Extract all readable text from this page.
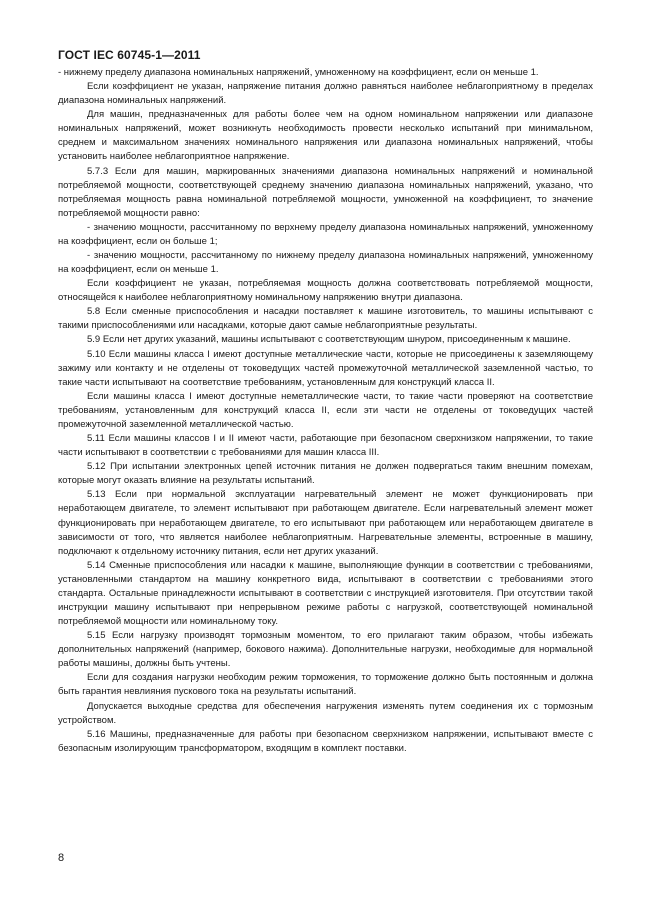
ГОСТ IEC 60745-1—2011

- нижнему пределу диапазона номинальных напряжений, умноженному на коэффициент, если он меньше 1.

Если коэффициент не указан, напряжение питания должно равняться наиболее неблагоприятному в пределах диапазона номинальных напряжений.

Для машин, предназначенных для работы более чем на одном номинальном напряжении или диапазоне номинальных напряжений, может возникнуть необходимость провести несколько испытаний при минимальном, среднем и максимальном значениях номинального напряжения или диапазона номинальных напряжений, чтобы установить наиболее неблагоприятное напряжение.

5.7.3 Если для машин, маркированных значениями диапазона номинальных напряжений и номинальной потребляемой мощности, соответствующей среднему значению диапазона номинальных напряжений, указано, что потребляемая мощность равна номинальной потребляемой мощности, умноженной на коэффициент, то значение потребляемой мощности равно:

- значению мощности, рассчитанному по верхнему пределу диапазона номинальных напряжений, умноженному на коэффициент, если он больше 1;

- значению мощности, рассчитанному по нижнему пределу диапазона номинальных напряжений, умноженному на коэффициент, если он меньше 1.

Если коэффициент не указан, потребляемая мощность должна соответствовать потребляемой мощности, относящейся к наиболее неблагоприятному номинальному напряжению внутри диапазона.

5.8 Если сменные приспособления и насадки поставляет к машине изготовитель, то машины испытывают с такими приспособлениями или насадками, которые дают самые неблагоприятные результаты.

5.9 Если нет других указаний, машины испытывают с соответствующим шнуром, присоединенным к машине.

5.10 Если машины класса I имеют доступные металлические части, которые не присоединены к заземляющему зажиму или контакту и не отделены от токоведущих частей промежуточной металлической заземленной частью, то такие части испытывают на соответствие требованиям, установленным для конструкций класса II.

Если машины класса I имеют доступные неметаллические части, то такие части проверяют на соответствие требованиям, установленным для конструкций класса II, если эти части не отделены от токоведущих частей промежуточной заземленной металлической частью.

5.11 Если машины классов I и II имеют части, работающие при безопасном сверхнизком напряжении, то такие части испытывают в соответствии с требованиями для машин класса III.

5.12 При испытании электронных цепей источник питания не должен подвергаться таким внешним помехам, которые могут оказать влияние на результаты испытаний.

5.13 Если при нормальной эксплуатации нагревательный элемент не может функционировать при неработающем двигателе, то элемент испытывают при работающем двигателе. Если нагревательный элемент может функционировать при неработающем двигателе, то его испытывают при работающем или неработающем двигателе в зависимости от того, что является наиболее неблагоприятным. Нагревательные элементы, встроенные в машину, подключают к отдельному источнику питания, если нет других указаний.

5.14 Сменные приспособления или насадки к машине, выполняющие функции в соответствии с требованиями, установленными стандартом на машину конкретного вида, испытывают в соответствии с требованиями этого стандарта. Остальные принадлежности испытывают в соответствии с инструкцией изготовителя. При отсутствии такой инструкции машину испытывают при непрерывном режиме работы с нагрузкой, соответствующей номинальной потребляемой мощности или номинальному току.

5.15 Если нагрузку производят тормозным моментом, то его прилагают таким образом, чтобы избежать дополнительных напряжений (например, бокового нажима). Дополнительные нагрузки, необходимые для нормальной работы машины, должны быть учтены.

Если для создания нагрузки необходим режим торможения, то торможение должно быть постоянным и должна быть гарантия невлияния пускового тока на результаты испытаний.

Допускается выходные средства для обеспечения нагружения изменять путем соединения их с тормозным устройством.

5.16 Машины, предназначенные для работы при безопасном сверхнизком напряжении, испытывают вместе с безопасным изолирующим трансформатором, входящим в комплект поставки.

8
